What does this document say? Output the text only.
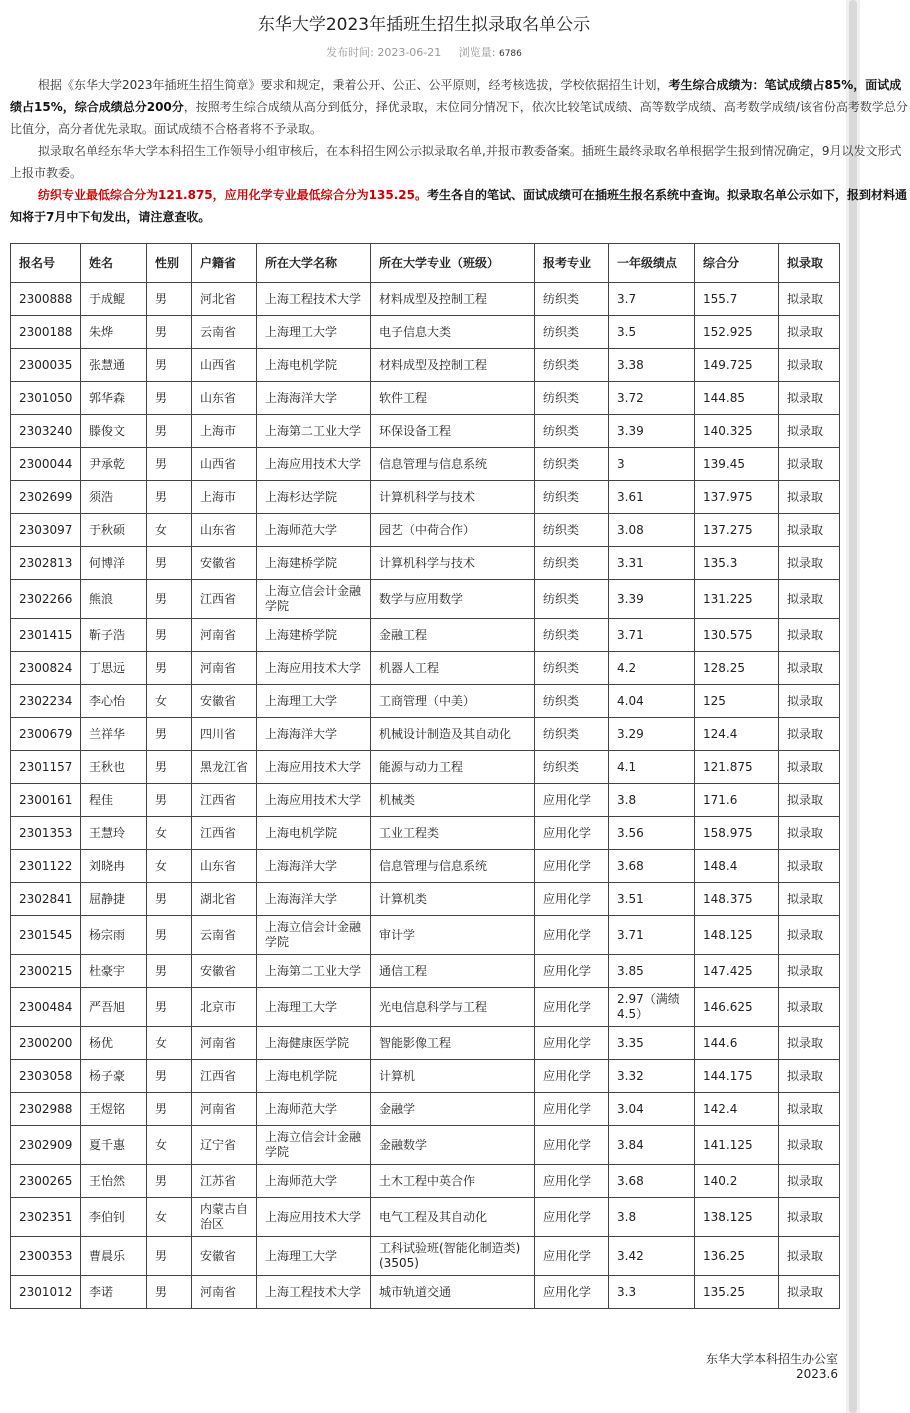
东华大学2023年插班生招生拟录取名单公示
发布时间: 2023-06-21 浏览量: 6786

根据《东华大学2023年插班生招生简章》要求和规定，秉着公开、公正、公平原则，经考核选拔，学校依据招生计划，考生综合成绩为：笔试成绩占85%，面试成绩占15%，综合成绩总分200分，按照考生综合成绩从高分到低分，择优录取，末位同分情况下，依次比较笔试成绩、高等数学成绩、高考数学成绩/该省份高考数学总分比值分，高分者优先录取。面试成绩不合格者将不予录取。

拟录取名单经东华大学本科招生工作领导小组审核后，在本科招生网公示拟录取名单,并报市教委备案。插班生最终录取名单根据学生报到情况确定，9月以发文形式上报市教委。

纺织专业最低综合分为121.875，应用化学专业最低综合分为135.25。考生各自的笔试、面试成绩可在插班生报名系统中查询。拟录取名单公示如下，报到材料通知将于7月中下旬发出，请注意查收。

报名号	姓名	性别	户籍省	所在大学名称	所在大学专业（班级）	报考专业	一年级绩点	综合分	拟录取
2300888	于成鲲	男	河北省	上海工程技术大学	材料成型及控制工程	纺织类	3.7	155.7	拟录取
2300188	朱烨	男	云南省	上海理工大学	电子信息大类	纺织类	3.5	152.925	拟录取
2300035	张慧通	男	山西省	上海电机学院	材料成型及控制工程	纺织类	3.38	149.725	拟录取
2301050	郭华森	男	山东省	上海海洋大学	软件工程	纺织类	3.72	144.85	拟录取
2303240	滕俊文	男	上海市	上海第二工业大学	环保设备工程	纺织类	3.39	140.325	拟录取
2300044	尹承乾	男	山西省	上海应用技术大学	信息管理与信息系统	纺织类	3	139.45	拟录取
2302699	须浩	男	上海市	上海杉达学院	计算机科学与技术	纺织类	3.61	137.975	拟录取
2303097	于秋硕	女	山东省	上海师范大学	园艺（中荷合作）	纺织类	3.08	137.275	拟录取
2302813	何博洋	男	安徽省	上海建桥学院	计算机科学与技术	纺织类	3.31	135.3	拟录取
2302266	熊浪	男	江西省	上海立信会计金融学院	数学与应用数学	纺织类	3.39	131.225	拟录取
2301415	靳子浩	男	河南省	上海建桥学院	金融工程	纺织类	3.71	130.575	拟录取
2300824	丁思远	男	河南省	上海应用技术大学	机器人工程	纺织类	4.2	128.25	拟录取
2302234	李心怡	女	安徽省	上海理工大学	工商管理（中美）	纺织类	4.04	125	拟录取
2300679	兰祥华	男	四川省	上海海洋大学	机械设计制造及其自动化	纺织类	3.29	124.4	拟录取
2301157	王秋也	男	黑龙江省	上海应用技术大学	能源与动力工程	纺织类	4.1	121.875	拟录取
2300161	程佳	男	江西省	上海应用技术大学	机械类	应用化学	3.8	171.6	拟录取
2301353	王慧玲	女	江西省	上海电机学院	工业工程类	应用化学	3.56	158.975	拟录取
2301122	刘晓冉	女	山东省	上海海洋大学	信息管理与信息系统	应用化学	3.68	148.4	拟录取
2302841	屈静捷	男	湖北省	上海海洋大学	计算机类	应用化学	3.51	148.375	拟录取
2301545	杨宗雨	男	云南省	上海立信会计金融学院	审计学	应用化学	3.71	148.125	拟录取
2300215	杜豪宇	男	安徽省	上海第二工业大学	通信工程	应用化学	3.85	147.425	拟录取
2300484	严吾旭	男	北京市	上海理工大学	光电信息科学与工程	应用化学	2.97（满绩4.5）	146.625	拟录取
2300200	杨优	女	河南省	上海健康医学院	智能影像工程	应用化学	3.35	144.6	拟录取
2303058	杨子豪	男	江西省	上海电机学院	计算机	应用化学	3.32	144.175	拟录取
2302988	王煜铭	男	河南省	上海师范大学	金融学	应用化学	3.04	142.4	拟录取
2302909	夏千惠	女	辽宁省	上海立信会计金融学院	金融数学	应用化学	3.84	141.125	拟录取
2300265	王怡然	男	江苏省	上海师范大学	土木工程中英合作	应用化学	3.68	140.2	拟录取
2302351	李伯钊	女	内蒙古自治区	上海应用技术大学	电气工程及其自动化	应用化学	3.8	138.125	拟录取
2300353	曹晨乐	男	安徽省	上海理工大学	工科试验班(智能化制造类)(3505)	应用化学	3.42	136.25	拟录取
2301012	李诺	男	河南省	上海工程技术大学	城市轨道交通	应用化学	3.3	135.25	拟录取
东华大学本科招生办公室
2023.6
